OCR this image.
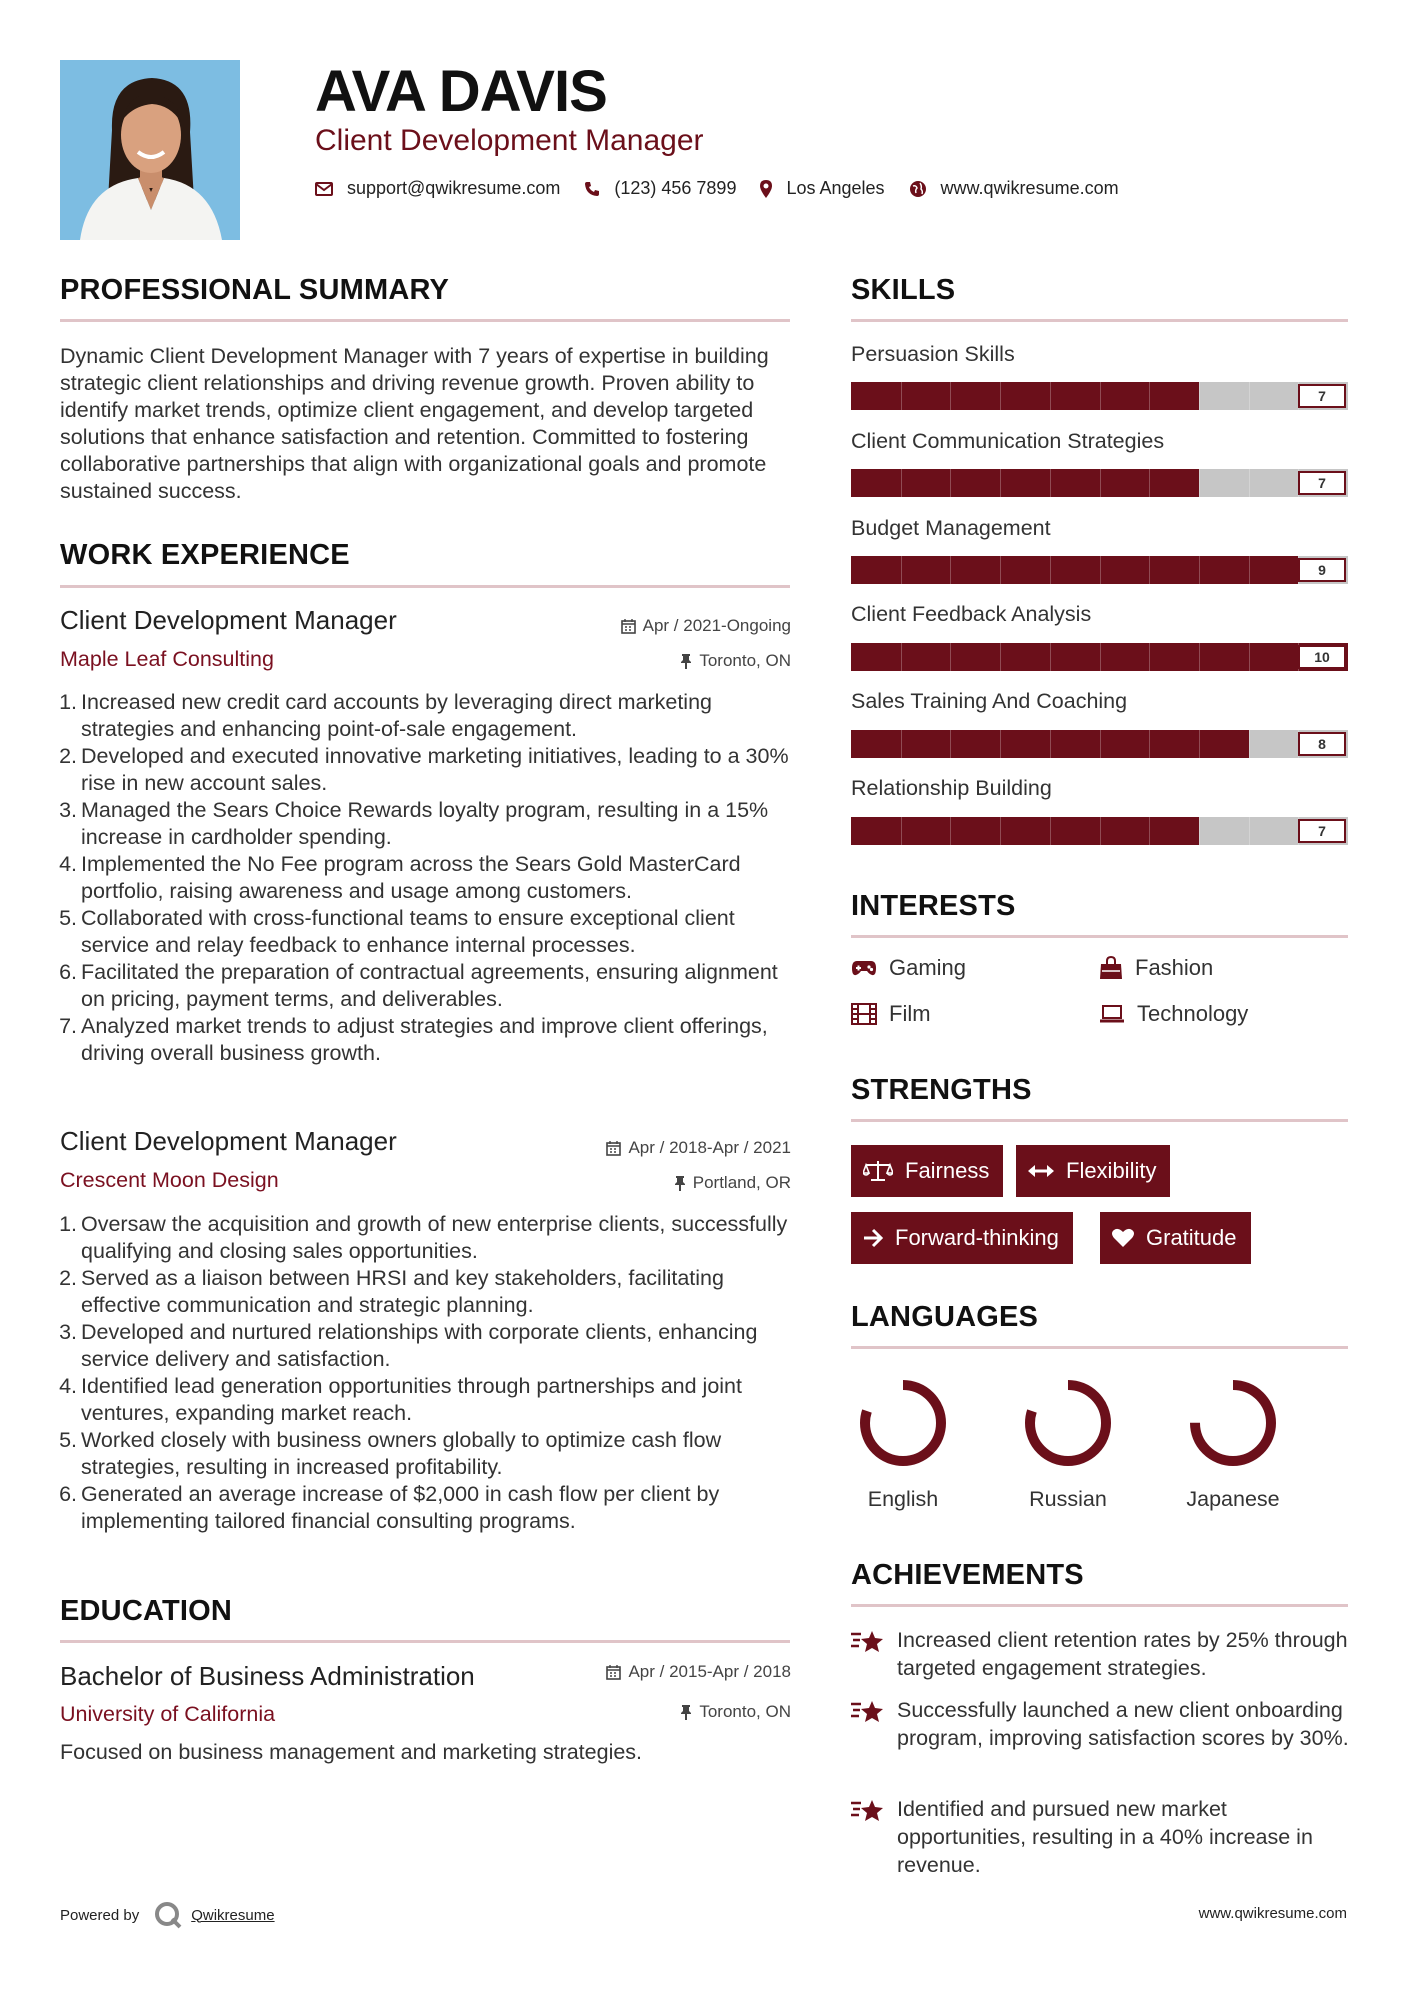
AVA DAVIS
Client Development Manager
support@qwikresume.com	(123) 456 7899	Los Angeles	www.qwikresume.com
PROFESSIONAL SUMMARY
Dynamic Client Development Manager with 7 years of expertise in building strategic client relationships and driving revenue growth. Proven ability to identify market trends, optimize client engagement, and develop targeted solutions that enhance satisfaction and retention. Committed to fostering collaborative partnerships that align with organizational goals and promote sustained success.
WORK EXPERIENCE
Client Development Manager
Maple Leaf Consulting
Apr / 2021-Ongoing
Toronto, ON
1. Increased new credit card accounts by leveraging direct marketing strategies and enhancing point-of-sale engagement.
2. Developed and executed innovative marketing initiatives, leading to a 30% rise in new account sales.
3. Managed the Sears Choice Rewards loyalty program, resulting in a 15% increase in cardholder spending.
4. Implemented the No Fee program across the Sears Gold MasterCard portfolio, raising awareness and usage among customers.
5. Collaborated with cross-functional teams to ensure exceptional client service and relay feedback to enhance internal processes.
6. Facilitated the preparation of contractual agreements, ensuring alignment on pricing, payment terms, and deliverables.
7. Analyzed market trends to adjust strategies and improve client offerings, driving overall business growth.
Client Development Manager
Crescent Moon Design
Apr / 2018-Apr / 2021
Portland, OR
1. Oversaw the acquisition and growth of new enterprise clients, successfully qualifying and closing sales opportunities.
2. Served as a liaison between HRSI and key stakeholders, facilitating effective communication and strategic planning.
3. Developed and nurtured relationships with corporate clients, enhancing service delivery and satisfaction.
4. Identified lead generation opportunities through partnerships and joint ventures, expanding market reach.
5. Worked closely with business owners globally to optimize cash flow strategies, resulting in increased profitability.
6. Generated an average increase of $2,000 in cash flow per client by implementing tailored financial consulting programs.
EDUCATION
Bachelor of Business Administration
University of California
Apr / 2015-Apr / 2018
Toronto, ON
Focused on business management and marketing strategies.
SKILLS
Persuasion Skills
7
Client Communication Strategies
7
Budget Management
9
Client Feedback Analysis
10
Sales Training And Coaching
8
Relationship Building
7
INTERESTS
Gaming	Fashion
Film	Technology
STRENGTHS
Fairness	Flexibility
Forward-thinking	Gratitude
LANGUAGES
English	Russian	Japanese
ACHIEVEMENTS
Increased client retention rates by 25% through targeted engagement strategies.
Successfully launched a new client onboarding program, improving satisfaction scores by 30%.
Identified and pursued new market opportunities, resulting in a 40% increase in revenue.
Powered by	Qwikresume	www.qwikresume.com
